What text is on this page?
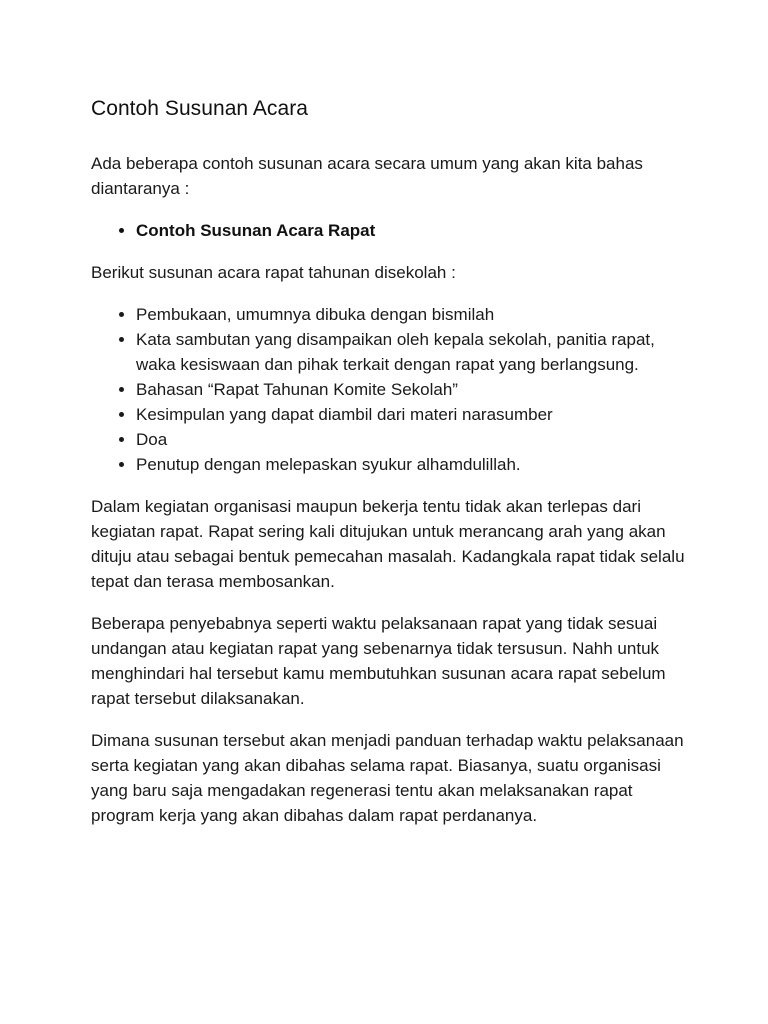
Contoh Susunan Acara

Ada beberapa contoh susunan acara secara umum yang akan kita bahas diantaranya :

• Contoh Susunan Acara Rapat

Berikut susunan acara rapat tahunan disekolah :

• Pembukaan, umumnya dibuka dengan bismilah
• Kata sambutan yang disampaikan oleh kepala sekolah, panitia rapat, waka kesiswaan dan pihak terkait dengan rapat yang berlangsung.
• Bahasan “Rapat Tahunan Komite Sekolah”
• Kesimpulan yang dapat diambil dari materi narasumber
• Doa
• Penutup dengan melepaskan syukur alhamdulillah.

Dalam kegiatan organisasi maupun bekerja tentu tidak akan terlepas dari kegiatan rapat. Rapat sering kali ditujukan untuk merancang arah yang akan dituju atau sebagai bentuk pemecahan masalah. Kadangkala rapat tidak selalu tepat dan terasa membosankan.

Beberapa penyebabnya seperti waktu pelaksanaan rapat yang tidak sesuai undangan atau kegiatan rapat yang sebenarnya tidak tersusun. Nahh untuk menghindari hal tersebut kamu membutuhkan susunan acara rapat sebelum rapat tersebut dilaksanakan.

Dimana susunan tersebut akan menjadi panduan terhadap waktu pelaksanaan serta kegiatan yang akan dibahas selama rapat. Biasanya, suatu organisasi yang baru saja mengadakan regenerasi tentu akan melaksanakan rapat program kerja yang akan dibahas dalam rapat perdananya.
